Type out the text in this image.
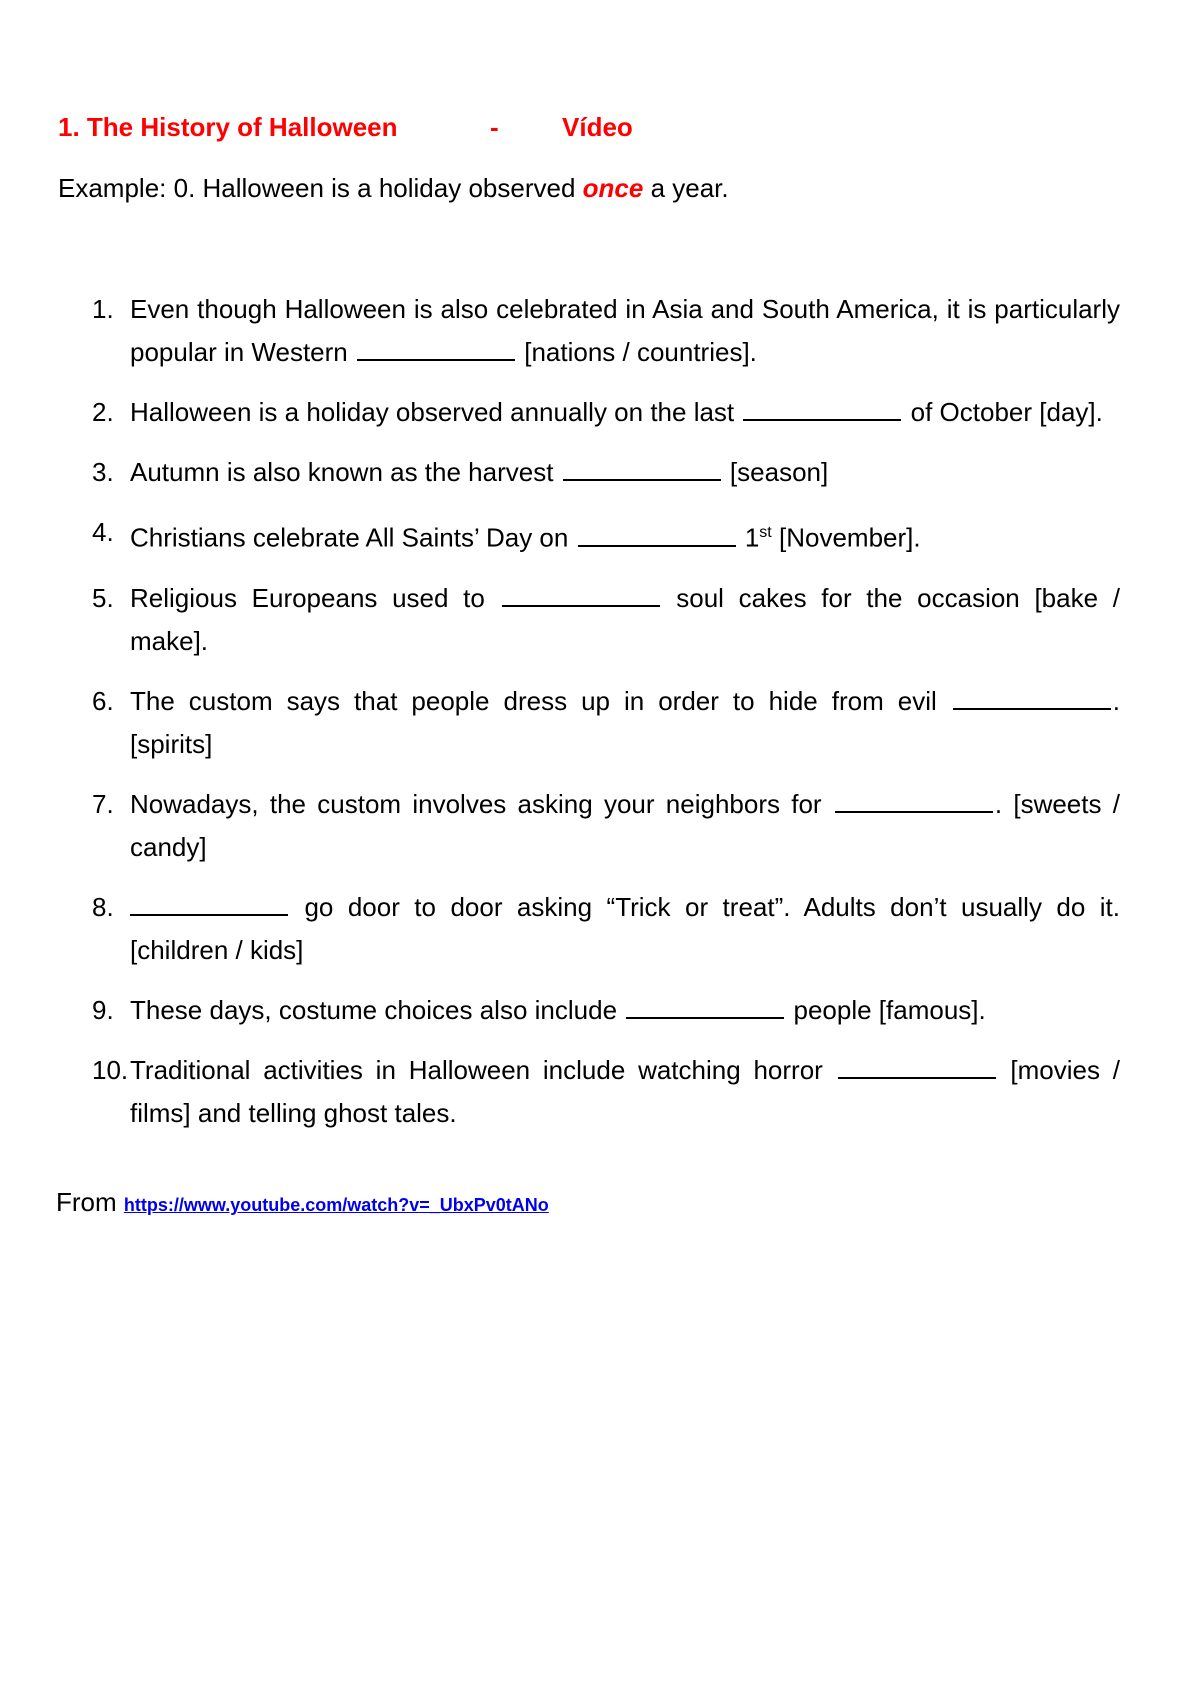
1. The History of Halloween	- Vídeo
Example: 0. Halloween is a holiday observed once a year.
1. Even though Halloween is also celebrated in Asia and South America, it is particularly popular in Western	[nations / countries].
2. Halloween is a holiday observed annually on the last	of October [day].
3. Autumn is also known as the harvest	[season]
4. Christians celebrate All Saints’ Day on	1st [November].
5. Religious Europeans used to	soul cakes for the occasion [bake / make].
6. The custom says that people dress up in order to hide from evil	. [spirits]
7. Nowadays, the custom involves asking your neighbors for	. [sweets / candy]
8.	go door to door asking “Trick or treat”. Adults don’t usually do it. [children / kids]
9. These days, costume choices also include	people [famous].
10. Traditional activities in Halloween include watching horror	[movies / films] and telling ghost tales.
From https://www.youtube.com/watch?v=_UbxPv0tANo
